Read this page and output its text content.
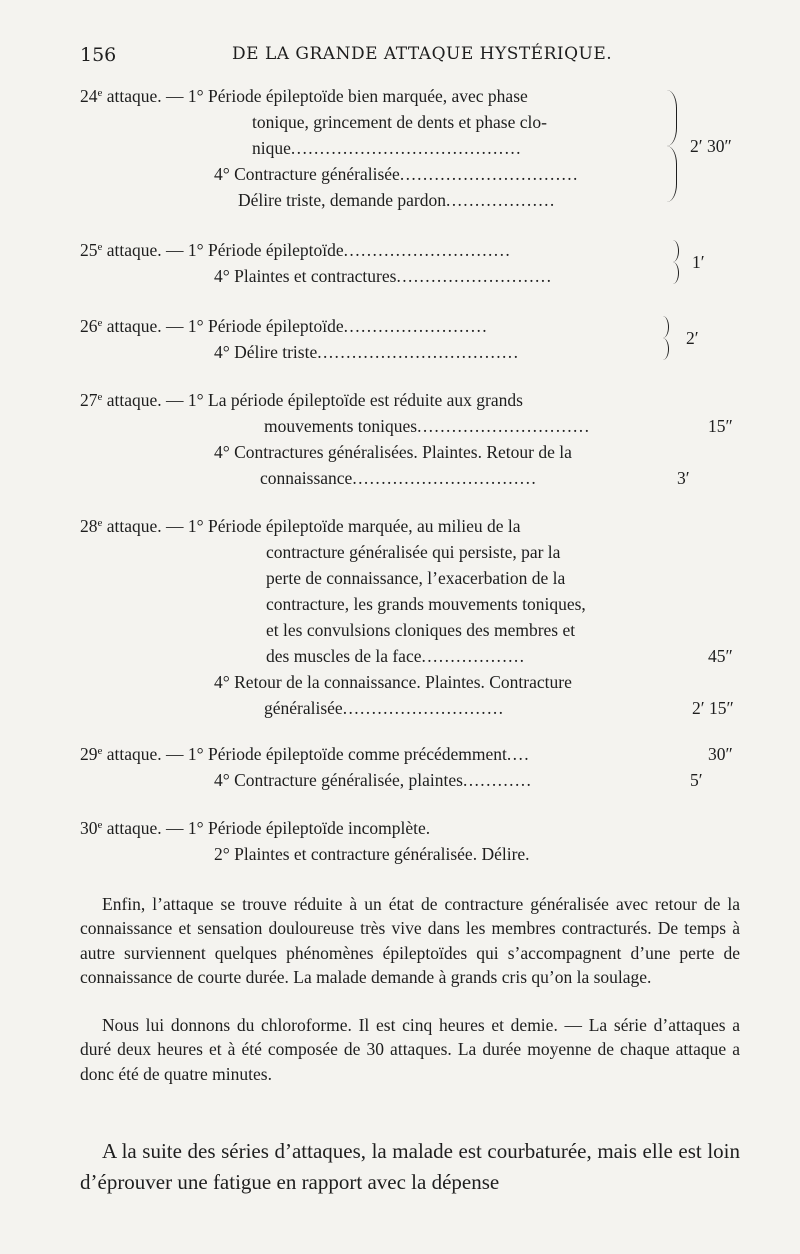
156	DE LA GRANDE ATTAQUE HYSTÉRIQUE.
24e attaque. — 1° Période épileptoïde bien marquée, avec phase
tonique, grincement de dents et phase clo-
nique........................................
4° Contracture généralisée...............................
Délire triste, demande pardon...................
2′ 30″
25e attaque. — 1° Période épileptoïde.............................
4° Plaintes et contractures...........................
1′
26e attaque. — 1° Période épileptoïde.........................
4° Délire triste...................................
2′
27e attaque. — 1° La période épileptoïde est réduite aux grands
mouvements toniques..............................	15″
4° Contractures généralisées. Plaintes. Retour de la
connaissance................................	3′
28e attaque. — 1° Période épileptoïde marquée, au milieu de la
contracture généralisée qui persiste, par la
perte de connaissance, l’exacerbation de la
contracture, les grands mouvements toniques,
et les convulsions cloniques des membres et
des muscles de la face..................	45″
4° Retour de la connaissance. Plaintes. Contracture
généralisée............................	2′ 15″
29e attaque. — 1° Période épileptoïde comme précédemment....	30″
4° Contracture généralisée, plaintes............	5′
30e attaque. — 1° Période épileptoïde incomplète.
2° Plaintes et contracture généralisée. Délire.

Enfin, l’attaque se trouve réduite à un état de contracture généralisée avec retour de la connaissance et sensation douloureuse très vive dans les membres contracturés. De temps à autre surviennent quelques phénomènes épileptoïdes qui s’accompagnent d’une perte de connaissance de courte durée. La malade demande à grands cris qu’on la soulage.

Nous lui donnons du chloroforme. Il est cinq heures et demie. — La série d’attaques a duré deux heures et à été composée de 30 attaques. La durée moyenne de chaque attaque a donc été de quatre minutes.

A la suite des séries d’attaques, la malade est courbaturée, mais elle est loin d’éprouver une fatigue en rapport avec la dépense
